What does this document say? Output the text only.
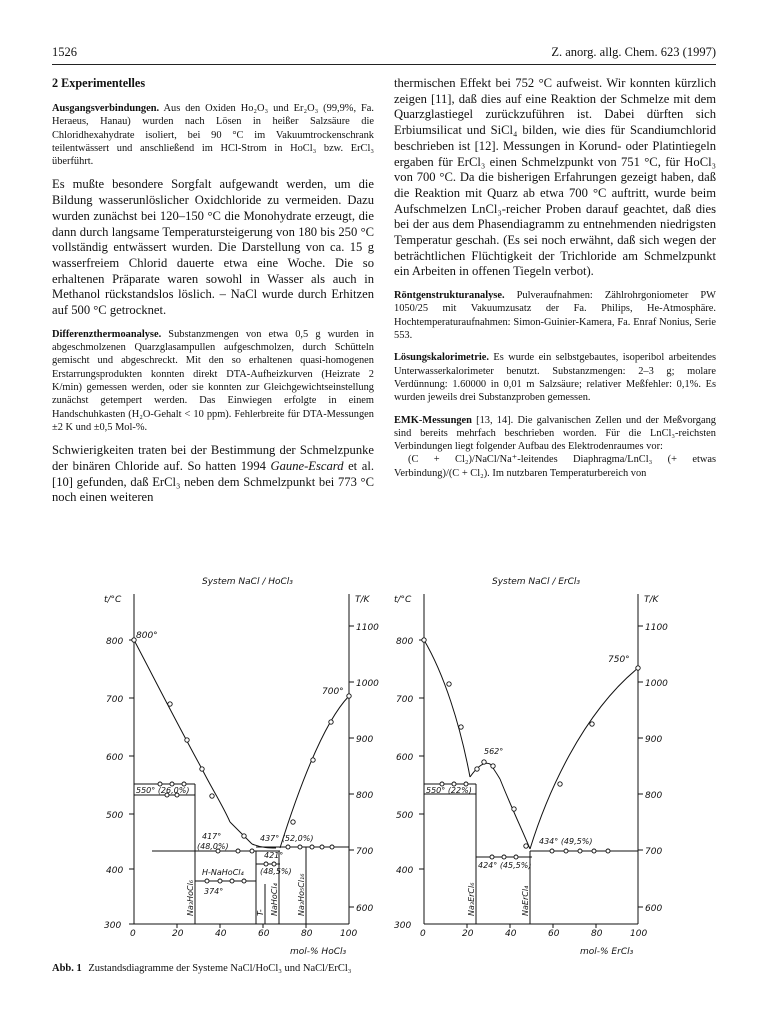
1526	Z. anorg. allg. Chem. 623 (1997)
2 Experimentelles

Ausgangsverbindungen. Aus den Oxiden Ho₂O₃ und Er₂O₃ (99,9%, Fa. Heraeus, Hanau) wurden nach Lösen in heißer Salzsäure die Chloridhexahydrate isoliert, bei 90 °C im Vakuumtrockenschrank teilentwässert und anschließend im HCl-Strom in HoCl₃ bzw. ErCl₃ überführt.

Es mußte besondere Sorgfalt aufgewandt werden, um die Bildung wasserunlöslicher Oxidchloride zu vermeiden. Dazu wurden zunächst bei 120–150 °C die Monohydrate erzeugt, die dann durch langsame Temperatursteigerung von 180 bis 250 °C vollständig entwässert wurden. Die Darstellung von ca. 15 g wasserfreiem Chlorid dauerte etwa eine Woche. Die so erhaltenen Präparate waren sowohl in Wasser als auch in Methanol rückstandslos löslich. – NaCl wurde durch Erhitzen auf 500 °C getrocknet.

Differenzthermoanalyse. Substanzmengen von etwa 0,5 g wurden in abgeschmolzenen Quarzglasampullen aufgeschmolzen, durch Schütteln gemischt und abgeschreckt. Mit den so erhaltenen quasi-homogenen Erstarrungsprodukten konnten direkt DTA-Aufheizkurven (Heizrate 2 K/min) gemessen werden, oder sie konnten zur Gleichgewichtseinstellung zunächst getempert werden. Das Einwiegen erfolgte in einem Handschuhkasten (H₂O-Gehalt < 10 ppm). Fehlerbreite für DTA-Messungen ±2 K und ±0,5 Mol-%.

Schwierigkeiten traten bei der Bestimmung der Schmelzpunke der binären Chloride auf. So hatten 1994 Gaune-Escard et al. [10] gefunden, daß ErCl₃ neben dem Schmelzpunkt bei 773 °C noch einen weiteren

thermischen Effekt bei 752 °C aufweist. Wir konnten kürzlich zeigen [11], daß dies auf eine Reaktion der Schmelze mit dem Quarzglastiegel zurückzuführen ist. Dabei dürften sich Erbiumsilicat und SiCl₄ bilden, wie dies für Scandiumchlorid beschrieben ist [12]. Messungen in Korund- oder Platintiegeln ergaben für ErCl₃ einen Schmelzpunkt von 751 °C, für HoCl₃ von 700 °C. Da die bisherigen Erfahrungen gezeigt haben, daß die Reaktion mit Quarz ab etwa 700 °C auftritt, wurde beim Aufschmelzen LnCl₃-reicher Proben darauf geachtet, daß dies bei der aus dem Phasendiagramm zu entnehmenden niedrigsten Temperatur geschah. (Es sei noch erwähnt, daß sich wegen der beträchtlichen Flüchtigkeit der Trichloride am Schmelzpunkt ein Arbeiten in offenen Tiegeln verbot).

Röntgenstrukturanalyse. Pulveraufnahmen: Zählrohrgoniometer PW 1050/25 mit Vakuumzusatz der Fa. Philips, He-Atmosphäre. Hochtemperaturaufnahmen: Simon-Guinier-Kamera, Fa. Enraf Nonius, Serie 553.

Lösungskalorimetrie. Es wurde ein selbstgebautes, isoperibol arbeitendes Unterwasserkalorimeter benutzt. Substanzmengen: 2–3 g; molare Verdünnung: 1.60000 in 0,01 m Salzsäure; relativer Meßfehler: 0,1%. Es wurden jeweils drei Substanzproben gemessen.

EMK-Messungen [13, 14]. Die galvanischen Zellen und der Meßvorgang sind bereits mehrfach beschrieben worden. Für die LnCl₃-reichsten Verbindungen liegt folgender Aufbau des Elektrodenraumes vor:

(C + Cl₂)/NaCl/Na⁺-leitendes Diaphragma/LnCl₃ (+ etwas Verbindung)/(C + Cl₂). Im nutzbaren Temperaturbereich von

System NaCl / HoCl₃
t/°C	T/K
mol-% HoCl₃
300
400
500
600
700
800
600
700
800
900
1000
1100
0	20	40	60	80	100
800°
700°
550° (26,0%)
417°
(48,0%)
437° (52,0%)
421°
(48,5%)
H-NaHoCl₄
374°
Na₃HoCl₆	T- NaHoCl₄ Na₃Ho₅Cl₁₆
System NaCl / ErCl₃
t/°C	T/K
mol-% ErCl₃
300
400
500
600
700
800
600
700
800
900
1000
1100
0	20	40	60	80	100
750°
562°
550° (22%)
434° (49,5%)
424° (45,5%)
Na₃ErCl₆	NaErCl₄
Abb. 1 Zustandsdiagramme der Systeme NaCl/HoCl₃ und NaCl/ErCl₃
